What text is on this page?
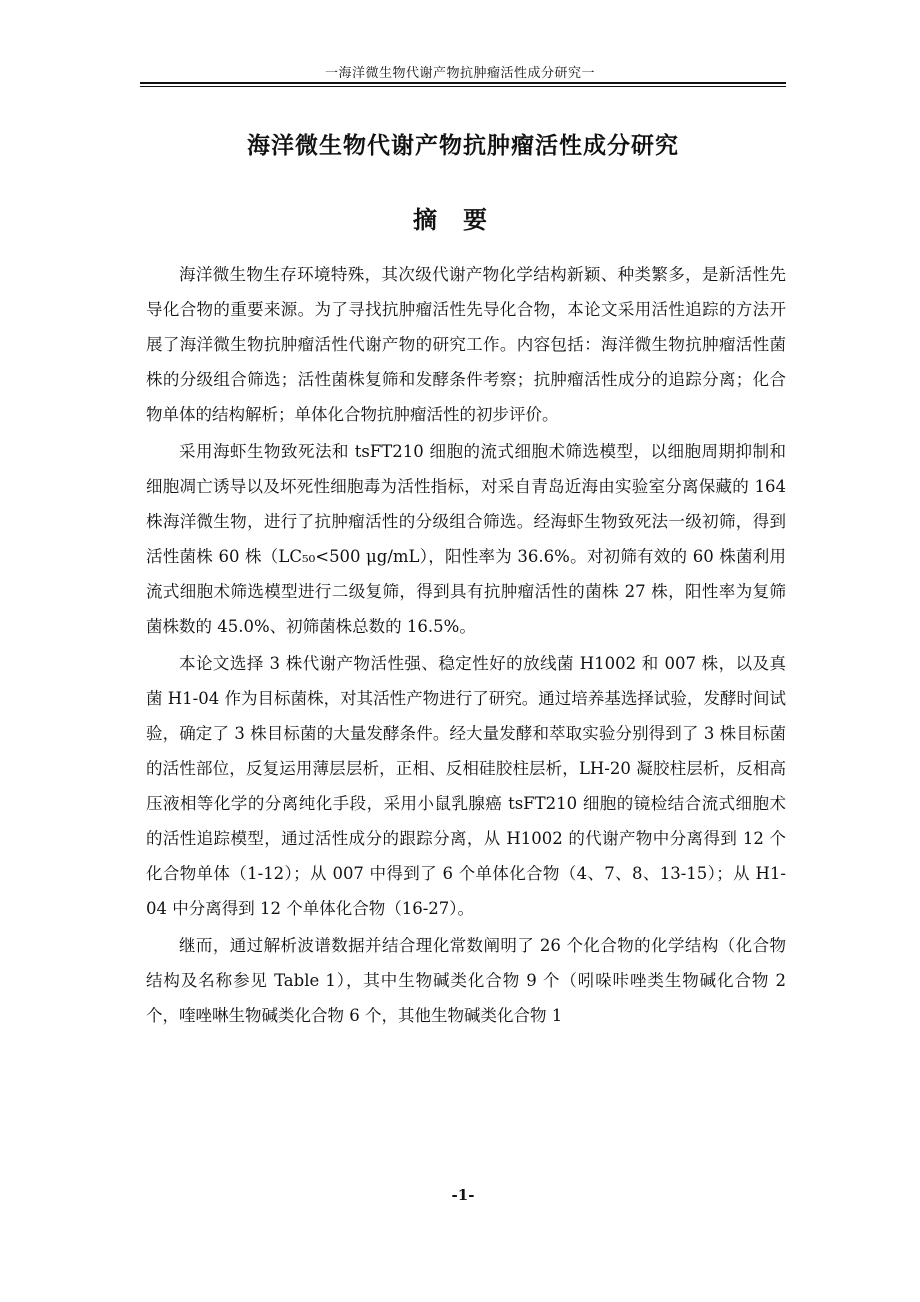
一海洋微生物代谢产物抗肿瘤活性成分研究一
海洋微生物代谢产物抗肿瘤活性成分研究
摘要

海洋微生物生存环境特殊，其次级代谢产物化学结构新颖、种类繁多，是新活性先导化合物的重要来源。为了寻找抗肿瘤活性先导化合物，本论文采用活性追踪的方法开展了海洋微生物抗肿瘤活性代谢产物的研究工作。内容包括：海洋微生物抗肿瘤活性菌株的分级组合筛选；活性菌株复筛和发酵条件考察；抗肿瘤活性成分的追踪分离；化合物单体的结构解析；单体化合物抗肿瘤活性的初步评价。

采用海虾生物致死法和 tsFT210 细胞的流式细胞术筛选模型，以细胞周期抑制和细胞凋亡诱导以及坏死性细胞毒为活性指标，对采自青岛近海由实验室分离保藏的 164 株海洋微生物，进行了抗肿瘤活性的分级组合筛选。经海虾生物致死法一级初筛，得到活性菌株 60 株（LC₅₀<500 μg/mL），阳性率为 36.6%。对初筛有效的 60 株菌利用流式细胞术筛选模型进行二级复筛，得到具有抗肿瘤活性的菌株 27 株，阳性率为复筛菌株数的 45.0%、初筛菌株总数的 16.5%。

本论文选择 3 株代谢产物活性强、稳定性好的放线菌 H1002 和 007 株，以及真菌 H1-04 作为目标菌株，对其活性产物进行了研究。通过培养基选择试验，发酵时间试验，确定了 3 株目标菌的大量发酵条件。经大量发酵和萃取实验分别得到了 3 株目标菌的活性部位，反复运用薄层层析，正相、反相硅胶柱层析，LH-20 凝胶柱层析，反相高压液相等化学的分离纯化手段，采用小鼠乳腺癌 tsFT210 细胞的镜检结合流式细胞术的活性追踪模型，通过活性成分的跟踪分离，从 H1002 的代谢产物中分离得到 12 个化合物单体（1-12）；从 007 中得到了 6 个单体化合物（4、7、8、13-15）；从 H1-04 中分离得到 12 个单体化合物（16-27）。

继而，通过解析波谱数据并结合理化常数阐明了 26 个化合物的化学结构（化合物结构及名称参见 Table 1），其中生物碱类化合物 9 个（吲哚咔唑类生物碱化合物 2 个，喹唑啉生物碱类化合物 6 个，其他生物碱类化合物 1

-1-
